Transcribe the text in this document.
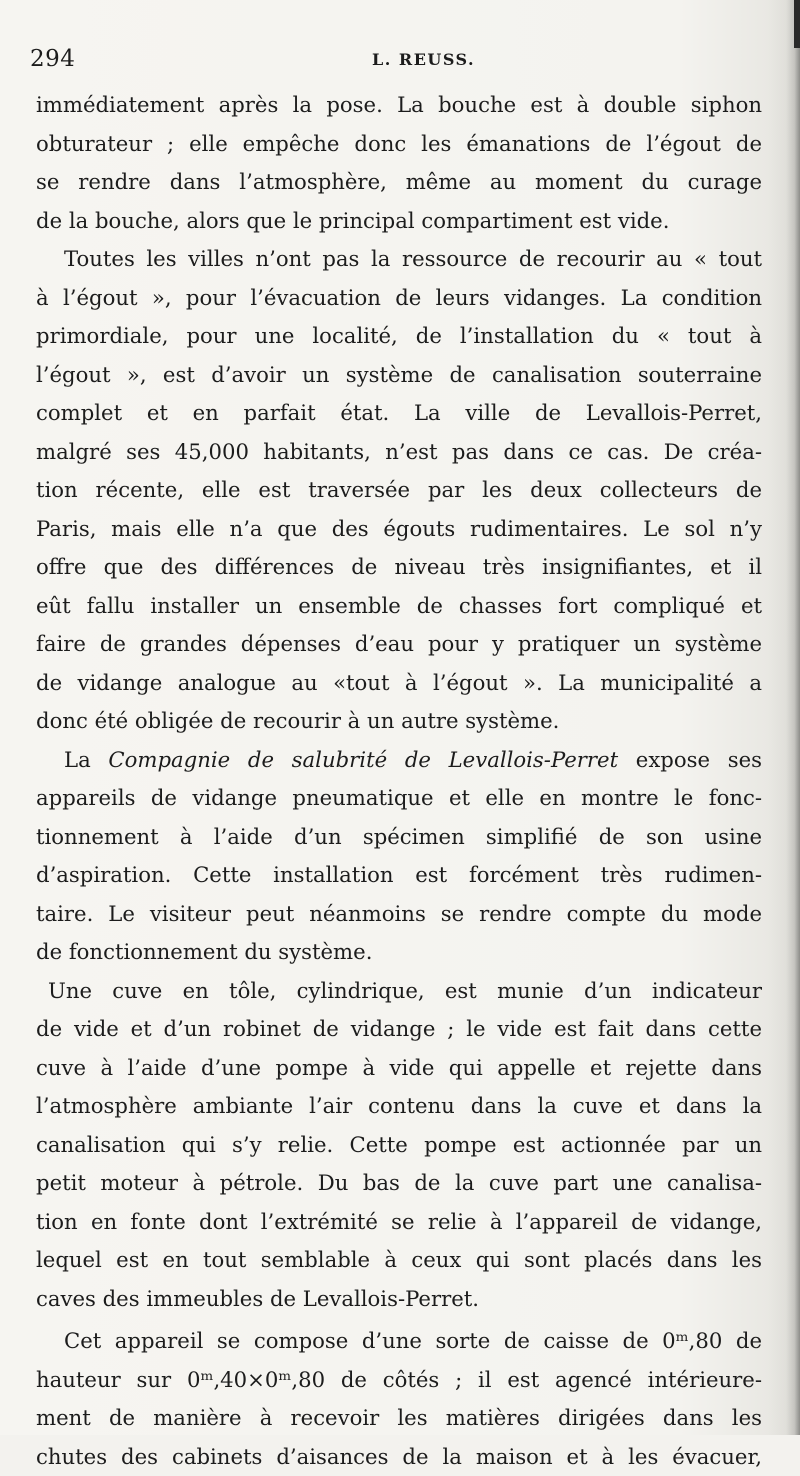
294	L. REUSS.
immédiatement après la pose. La bouche est à double siphon
obturateur ; elle empêche donc les émanations de l’égout de
se rendre dans l’atmosphère, même au moment du curage
de la bouche, alors que le principal compartiment est vide.
Toutes les villes n’ont pas la ressource de recourir au « tout
à l’égout », pour l’évacuation de leurs vidanges. La condition
primordiale, pour une localité, de l’installation du « tout à
l’égout », est d’avoir un système de canalisation souterraine
complet et en parfait état. La ville de Levallois-Perret,
malgré ses 45,000 habitants, n’est pas dans ce cas. De créa-
tion récente, elle est traversée par les deux collecteurs de
Paris, mais elle n’a que des égouts rudimentaires. Le sol n’y
offre que des différences de niveau très insignifiantes, et il
eût fallu installer un ensemble de chasses fort compliqué et
faire de grandes dépenses d’eau pour y pratiquer un système
de vidange analogue au «tout à l’égout ». La municipalité a
donc été obligée de recourir à un autre système.
La Compagnie de salubrité de Levallois-Perret expose ses
appareils de vidange pneumatique et elle en montre le fonc-
tionnement à l’aide d’un spécimen simplifié de son usine
d’aspiration. Cette installation est forcément très rudimen-
taire. Le visiteur peut néanmoins se rendre compte du mode
de fonctionnement du système.
Une cuve en tôle, cylindrique, est munie d’un indicateur
de vide et d’un robinet de vidange ; le vide est fait dans cette
cuve à l’aide d’une pompe à vide qui appelle et rejette dans
l’atmosphère ambiante l’air contenu dans la cuve et dans la
canalisation qui s’y relie. Cette pompe est actionnée par un
petit moteur à pétrole. Du bas de la cuve part une canalisa-
tion en fonte dont l’extrémité se relie à l’appareil de vidange,
lequel est en tout semblable à ceux qui sont placés dans les
caves des immeubles de Levallois-Perret.
Cet appareil se compose d’une sorte de caisse de 0ᵐ,80 de
hauteur sur 0ᵐ,40×0ᵐ,80 de côtés ; il est agencé intérieure-
ment de manière à recevoir les matières dirigées dans les
chutes des cabinets d’aisances de la maison et à les évacuer,
